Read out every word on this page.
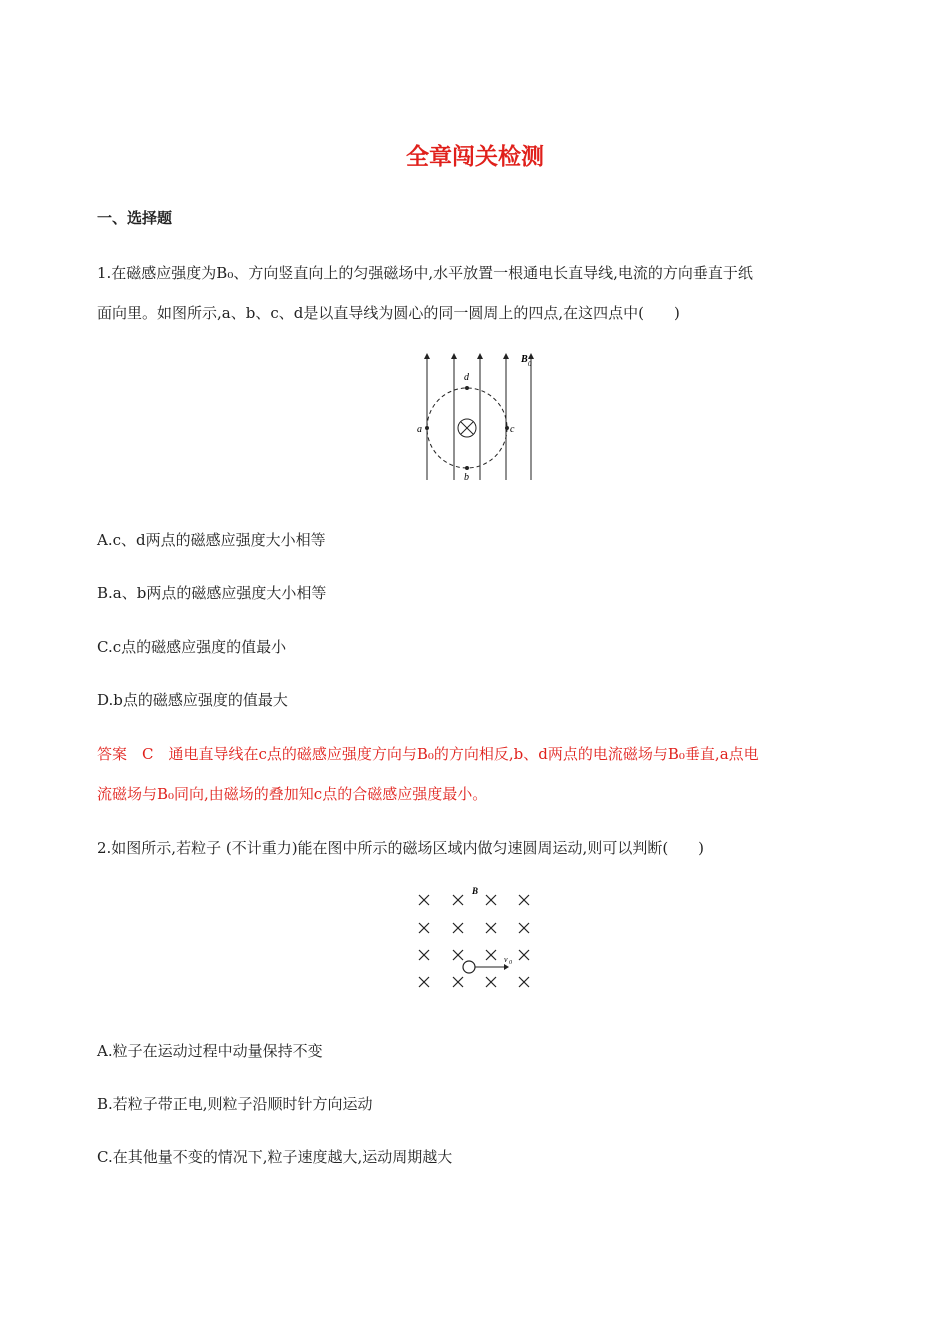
全章闯关检测
一、选择题
1.在磁感应强度为B₀、方向竖直向上的匀强磁场中,水平放置一根通电长直导线,电流的方向垂直于纸
面向里。如图所示,a、b、c、d是以直导线为圆心的同一圆周上的四点,在这四点中(　　)
a	c
d
b
B 0
A.c、d两点的磁感应强度大小相等
B.a、b两点的磁感应强度大小相等
C.c点的磁感应强度的值最小
D.b点的磁感应强度的值最大
答案　C　通电直导线在c点的磁感应强度方向与B₀的方向相反,b、d两点的电流磁场与B₀垂直,a点电
流磁场与B₀同向,由磁场的叠加知c点的合磁感应强度最小。
2.如图所示,若粒子 (不计重力)能在图中所示的磁场区域内做匀速圆周运动,则可以判断(　　)
B
v 0
A.粒子在运动过程中动量保持不变
B.若粒子带正电,则粒子沿顺时针方向运动
C.在其他量不变的情况下,粒子速度越大,运动周期越大
